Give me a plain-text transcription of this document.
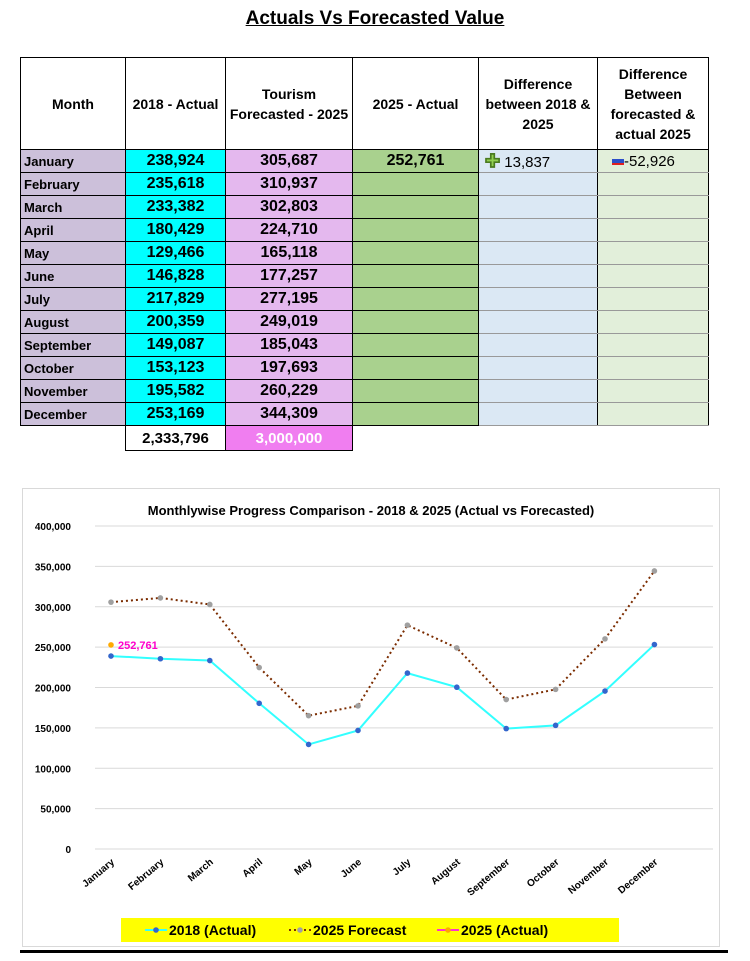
Actuals Vs Forecasted Value
Month	2018 - Actual	Tourism Forecasted - 2025	2025 - Actual	Difference between 2018 & 2025	Difference Between forecasted & actual 2025
January	238,924	305,687	252,761	✚ 13,837	-52,926
February	235,618	310,937			
March	233,382	302,803			
April	180,429	224,710			
May	129,466	165,118			
June	146,828	177,257			
July	217,829	277,195			
August	200,359	249,019			
September	149,087	185,043			
October	153,123	197,693			
November	195,582	260,229			
December	253,169	344,309			
	2,333,796	3,000,000			
Monthlywise Progress Comparison - 2018 & 2025 (Actual vs Forecasted)
0
50,000
100,000
150,000
200,000
250,000
300,000
350,000
400,000
January February March April	May June	July August September October November December
252,761
2018 (Actual)	2025 Forecast	2025 (Actual)
